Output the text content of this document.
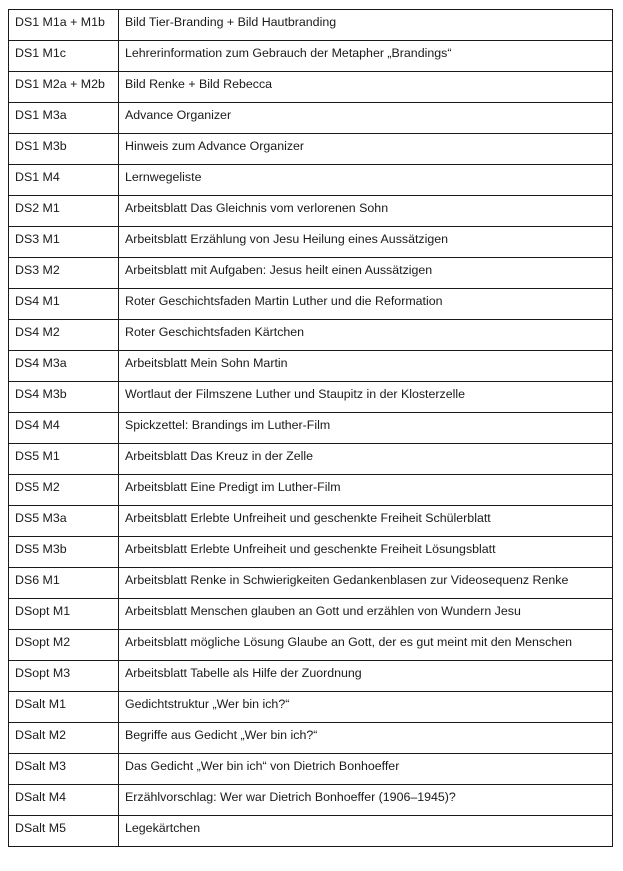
DS1 M1a + M1b	Bild Tier-Branding + Bild Hautbranding
DS1 M1c	Lehrerinformation zum Gebrauch der Metapher „Brandings“
DS1 M2a + M2b	Bild Renke + Bild Rebecca
DS1 M3a	Advance Organizer
DS1 M3b	Hinweis zum Advance Organizer
DS1 M4	Lernwegeliste
DS2 M1	Arbeitsblatt Das Gleichnis vom verlorenen Sohn
DS3 M1	Arbeitsblatt Erzählung von Jesu Heilung eines Aussätzigen
DS3 M2	Arbeitsblatt mit Aufgaben: Jesus heilt einen Aussätzigen
DS4 M1	Roter Geschichtsfaden Martin Luther und die Reformation
DS4 M2	Roter Geschichtsfaden Kärtchen
DS4 M3a	Arbeitsblatt Mein Sohn Martin
DS4 M3b	Wortlaut der Filmszene Luther und Staupitz in der Klosterzelle
DS4 M4	Spickzettel: Brandings im Luther-Film
DS5 M1	Arbeitsblatt Das Kreuz in der Zelle
DS5 M2	Arbeitsblatt Eine Predigt im Luther-Film
DS5 M3a	Arbeitsblatt Erlebte Unfreiheit und geschenkte Freiheit Schülerblatt
DS5 M3b	Arbeitsblatt Erlebte Unfreiheit und geschenkte Freiheit Lösungsblatt
DS6 M1	Arbeitsblatt Renke in Schwierigkeiten Gedankenblasen zur Videosequenz Renke
DSopt M1	Arbeitsblatt Menschen glauben an Gott und erzählen von Wundern Jesu
DSopt M2	Arbeitsblatt mögliche Lösung Glaube an Gott, der es gut meint mit den Menschen
DSopt M3	Arbeitsblatt Tabelle als Hilfe der Zuordnung
DSalt M1	Gedichtstruktur „Wer bin ich?“
DSalt M2	Begriffe aus Gedicht „Wer bin ich?“
DSalt M3	Das Gedicht „Wer bin ich“ von Dietrich Bonhoeffer
DSalt M4	Erzählvorschlag: Wer war Dietrich Bonhoeffer (1906–1945)?
DSalt M5	Legekärtchen
